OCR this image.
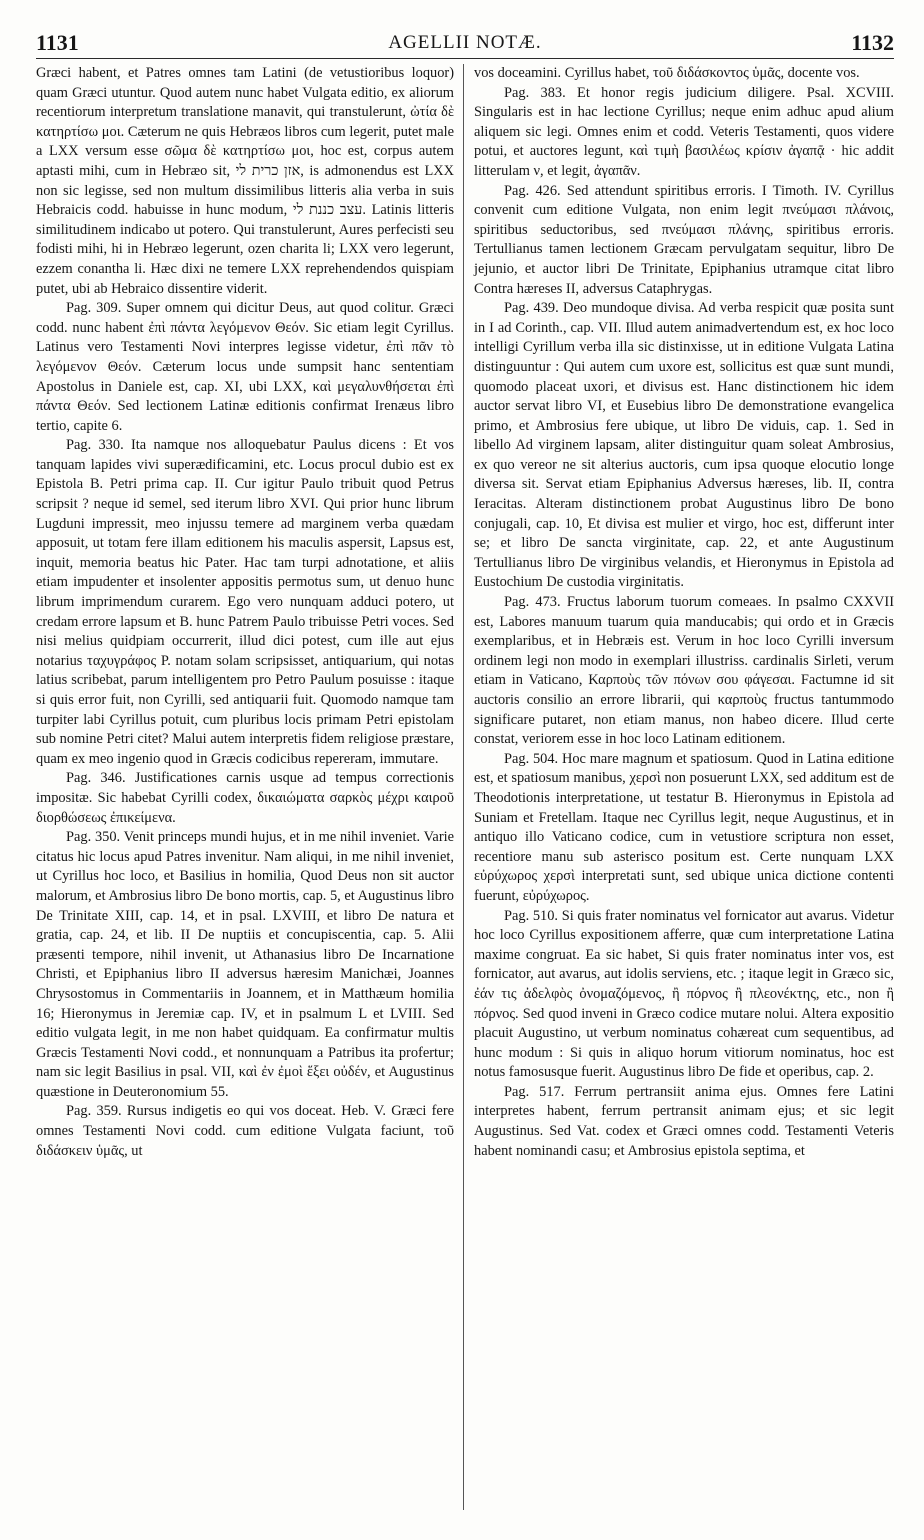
1131	AGELLII NOTÆ.	1132

Græci habent, et Patres omnes tam Latini (de vetustioribus loquor) quam Græci utuntur. Quod autem nunc habet Vulgata editio, ex aliorum recentiorum interpretum translatione manavit, qui transtulerunt, ὠτία δὲ κατηρτίσω μοι. Cæterum ne quis Hebræos libros cum legerit, putet male a LXX versum esse σῶμα δὲ κατηρτίσω μοι, hoc est, corpus autem aptasti mihi, cum in Hebræo sit, אזן כרית לי, is admonendus est LXX non sic legisse, sed non multum dissimilibus litteris alia verba in suis Hebraicis codd. habuisse in hunc modum, עצב כננת לי. Latinis litteris similitudinem indicabo ut potero. Qui transtulerunt, Aures perfecisti seu fodisti mihi, hi in Hebræo legerunt, ozen charita li; LXX vero legerunt, ezzem conantha li. Hæc dixi ne temere LXX reprehendendos quispiam putet, ubi ab Hebraico dissentire viderit.

Pag. 309. Super omnem qui dicitur Deus, aut quod colitur. Græci codd. nunc habent ἐπὶ πάντα λεγόμενον Θεόν. Sic etiam legit Cyrillus. Latinus vero Testamenti Novi interpres legisse videtur, ἐπὶ πᾶν τὸ λεγόμενον Θεόν. Cæterum locus unde sumpsit hanc sententiam Apostolus in Daniele est, cap. XI, ubi LXX, καὶ μεγαλυνθήσεται ἐπὶ πάντα Θεόν. Sed lectionem Latinæ editionis confirmat Irenæus libro tertio, capite 6.

Pag. 330. Ita namque nos alloquebatur Paulus dicens : Et vos tanquam lapides vivi superædificamini, etc. Locus procul dubio est ex Epistola B. Petri prima cap. II. Cur igitur Paulo tribuit quod Petrus scripsit ? neque id semel, sed iterum libro XVI. Qui prior hunc librum Lugduni impressit, meo injussu temere ad marginem verba quædam apposuit, ut totam fere illam editionem his maculis aspersit, Lapsus est, inquit, memoria beatus hic Pater. Hac tam turpi adnotatione, et aliis etiam impudenter et insolenter appositis permotus sum, ut denuo hunc librum imprimendum curarem. Ego vero nunquam adduci potero, ut credam errore lapsum et B. hunc Patrem Paulo tribuisse Petri voces. Sed nisi melius quidpiam occurrerit, illud dici potest, cum ille aut ejus notarius ταχυγράφος P. notam solam scripsisset, antiquarium, qui notas latius scribebat, parum intelligentem pro Petro Paulum posuisse : itaque si quis error fuit, non Cyrilli, sed antiquarii fuit. Quomodo namque tam turpiter labi Cyrillus potuit, cum pluribus locis primam Petri epistolam sub nomine Petri citet? Malui autem interpretis fidem religiose præstare, quam ex meo ingenio quod in Græcis codicibus repereram, immutare.

Pag. 346. Justificationes carnis usque ad tempus correctionis impositæ. Sic habebat Cyrilli codex, δικαιώματα σαρκὸς μέχρι καιροῦ διορθώσεως ἐπικείμενα.

Pag. 350. Venit princeps mundi hujus, et in me nihil inveniet. Varie citatus hic locus apud Patres invenitur. Nam aliqui, in me nihil inveniet, ut Cyrillus hoc loco, et Basilius in homilia, Quod Deus non sit auctor malorum, et Ambrosius libro De bono mortis, cap. 5, et Augustinus libro De Trinitate XIII, cap. 14, et in psal. LXVIII, et libro De natura et gratia, cap. 24, et lib. II De nuptiis et concupiscentia, cap. 5. Alii præsenti tempore, nihil invenit, ut Athanasius libro De Incarnatione Christi, et Epiphanius libro II adversus hæresim Manichæi, Joannes Chrysostomus in Commentariis in Joannem, et in Matthæum homilia 16; Hieronymus in Jeremiæ cap. IV, et in psalmum L et LVIII. Sed editio vulgata legit, in me non habet quidquam. Ea confirmatur multis Græcis Testamenti Novi codd., et nonnunquam a Patribus ita profertur; nam sic legit Basilius in psal. VII, καὶ ἐν ἐμοὶ ἕξει οὐδέν, et Augustinus quæstione in Deuteronomium 55.

Pag. 359. Rursus indigetis eo qui vos doceat. Heb. V. Græci fere omnes Testamenti Novi codd. cum editione Vulgata faciunt, τοῦ διδάσκειν ὑμᾶς, ut

vos doceamini. Cyrillus habet, τοῦ διδάσκοντος ὑμᾶς, docente vos.

Pag. 383. Et honor regis judicium diligere. Psal. XCVIII. Singularis est in hac lectione Cyrillus; neque enim adhuc apud alium aliquem sic legi. Omnes enim et codd. Veteris Testamenti, quos videre potui, et auctores legunt, καὶ τιμὴ βασιλέως κρίσιν ἀγαπᾷ · hic addit litterulam ν, et legit, ἀγαπᾶν.

Pag. 426. Sed attendunt spiritibus erroris. I Timoth. IV. Cyrillus convenit cum editione Vulgata, non enim legit πνεύμασι πλάνοις, spiritibus seductoribus, sed πνεύμασι πλάνης, spiritibus erroris. Tertullianus tamen lectionem Græcam pervulgatam sequitur, libro De jejunio, et auctor libri De Trinitate, Epiphanius utramque citat libro Contra hæreses II, adversus Cataphrygas.

Pag. 439. Deo mundoque divisa. Ad verba respicit quæ posita sunt in I ad Corinth., cap. VII. Illud autem animadvertendum est, ex hoc loco intelligi Cyrillum verba illa sic distinxisse, ut in editione Vulgata Latina distinguuntur : Qui autem cum uxore est, sollicitus est quæ sunt mundi, quomodo placeat uxori, et divisus est. Hanc distinctionem hic idem auctor servat libro VI, et Eusebius libro De demonstratione evangelica primo, et Ambrosius fere ubique, ut libro De viduis, cap. 1. Sed in libello Ad virginem lapsam, aliter distinguitur quam soleat Ambrosius, ex quo vereor ne sit alterius auctoris, cum ipsa quoque elocutio longe diversa sit. Servat etiam Epiphanius Adversus hæreses, lib. II, contra Ieracitas. Alteram distinctionem probat Augustinus libro De bono conjugali, cap. 10, Et divisa est mulier et virgo, hoc est, differunt inter se; et libro De sancta virginitate, cap. 22, et ante Augustinum Tertullianus libro De virginibus velandis, et Hieronymus in Epistola ad Eustochium De custodia virginitatis.

Pag. 473. Fructus laborum tuorum comeaes. In psalmo CXXVII est, Labores manuum tuarum quia manducabis; qui ordo et in Græcis exemplaribus, et in Hebræis est. Verum in hoc loco Cyrilli inversum ordinem legi non modo in exemplari illustriss. cardinalis Sirleti, verum etiam in Vaticano, Καρποὺς τῶν πόνων σου φάγεσαι. Factumne id sit auctoris consilio an errore librarii, qui καρποὺς fructus tantummodo significare putaret, non etiam manus, non habeo dicere. Illud certe constat, veriorem esse in hoc loco Latinam editionem.

Pag. 504. Hoc mare magnum et spatiosum. Quod in Latina editione est, et spatiosum manibus, χερσὶ non posuerunt LXX, sed additum est de Theodotionis interpretatione, ut testatur B. Hieronymus in Epistola ad Suniam et Fretellam. Itaque nec Cyrillus legit, neque Augustinus, et in antiquo illo Vaticano codice, cum in vetustiore scriptura non esset, recentiore manu sub asterisco positum est. Certe nunquam LXX εὐρύχωρος χερσὶ interpretati sunt, sed ubique unica dictione contenti fuerunt, εὐρύχωρος.

Pag. 510. Si quis frater nominatus vel fornicator aut avarus. Videtur hoc loco Cyrillus expositionem afferre, quæ cum interpretatione Latina maxime congruat. Ea sic habet, Si quis frater nominatus inter vos, est fornicator, aut avarus, aut idolis serviens, etc. ; itaque legit in Græco sic, ἐάν τις ἀδελφὸς ὀνομαζόμενος, ἢ πόρνος ἢ πλεονέκτης, etc., non ἢ πόρνος. Sed quod inveni in Græco codice mutare nolui. Altera expositio placuit Augustino, ut verbum nominatus cohæreat cum sequentibus, ad hunc modum : Si quis in aliquo horum vitiorum nominatus, hoc est notus famosusque fuerit. Augustinus libro De fide et operibus, cap. 2.

Pag. 517. Ferrum pertransiit anima ejus. Omnes fere Latini interpretes habent, ferrum pertransit animam ejus; et sic legit Augustinus. Sed Vat. codex et Græci omnes codd. Testamenti Veteris habent nominandi casu; et Ambrosius epistola septima, et
